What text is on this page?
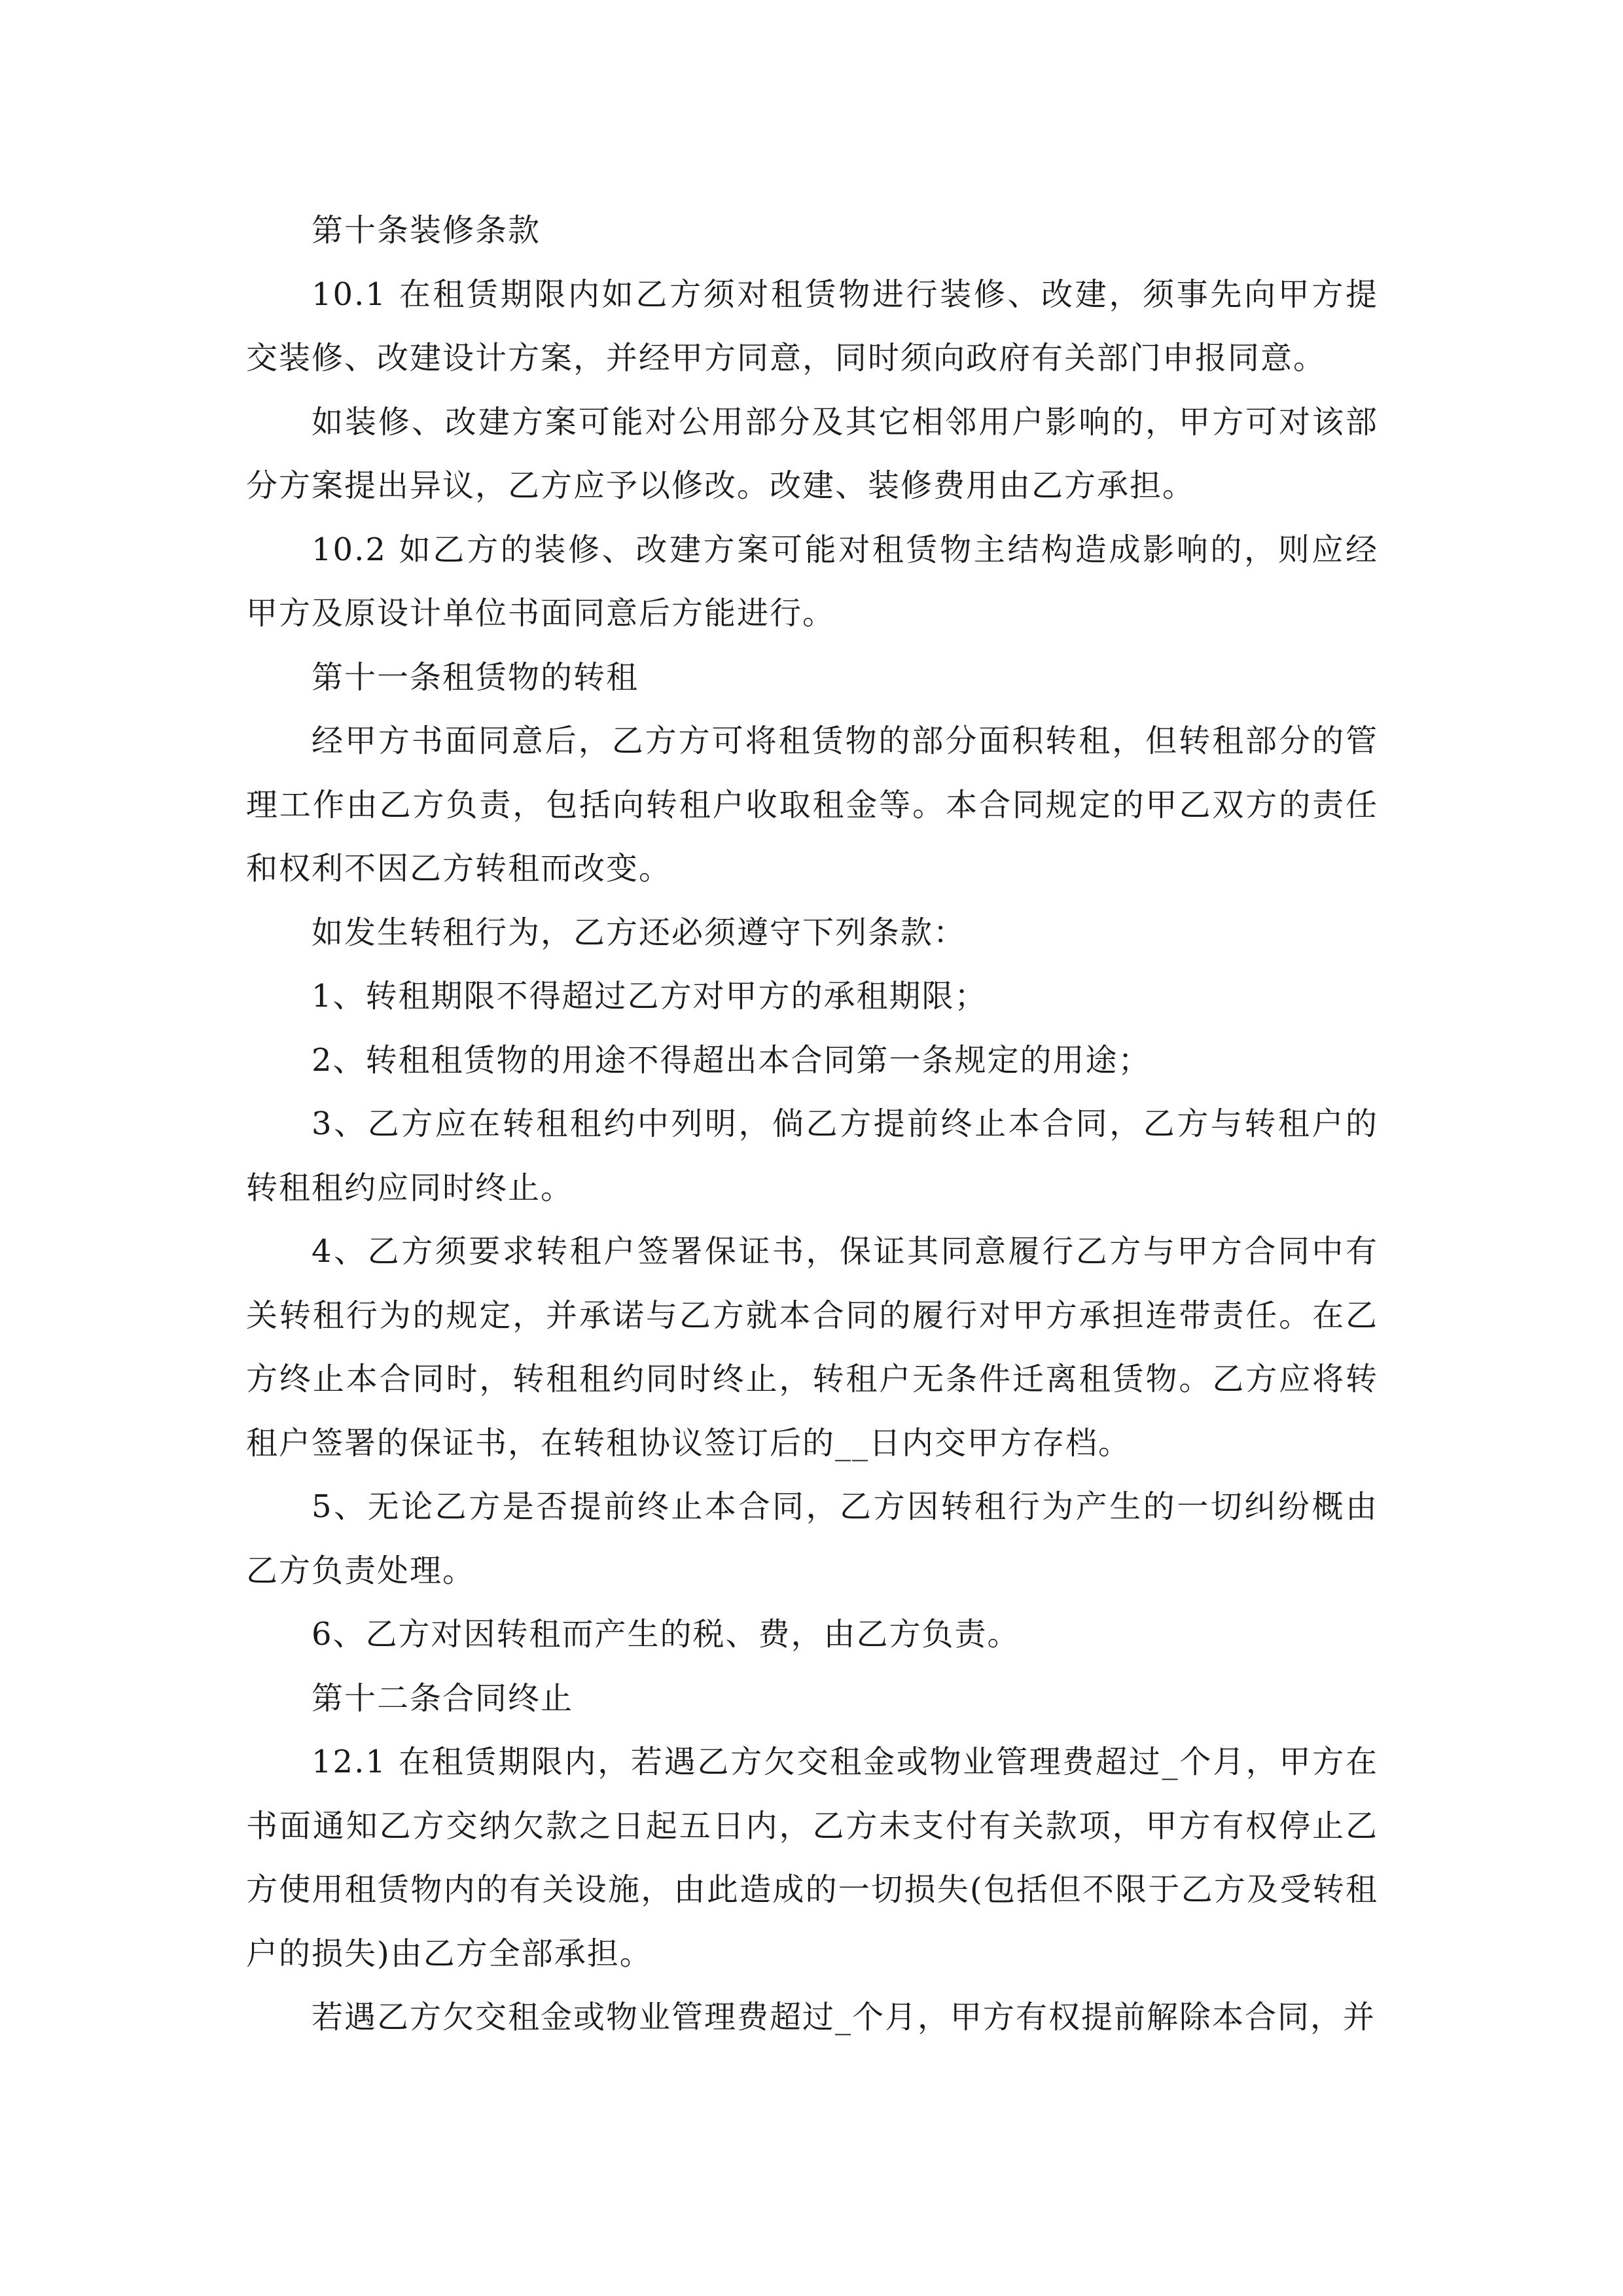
第十条装修条款

10.1 在租赁期限内如乙方须对租赁物进行装修、改建，须事先向甲方提交装修、改建设计方案，并经甲方同意，同时须向政府有关部门申报同意。

如装修、改建方案可能对公用部分及其它相邻用户影响的，甲方可对该部分方案提出异议，乙方应予以修改。改建、装修费用由乙方承担。

10.2 如乙方的装修、改建方案可能对租赁物主结构造成影响的，则应经甲方及原设计单位书面同意后方能进行。

第十一条租赁物的转租

经甲方书面同意后，乙方方可将租赁物的部分面积转租，但转租部分的管理工作由乙方负责，包括向转租户收取租金等。本合同规定的甲乙双方的责任和权利不因乙方转租而改变。

如发生转租行为，乙方还必须遵守下列条款：

1、转租期限不得超过乙方对甲方的承租期限；

2、转租租赁物的用途不得超出本合同第一条规定的用途；

3、乙方应在转租租约中列明，倘乙方提前终止本合同，乙方与转租户的转租租约应同时终止。

4、乙方须要求转租户签署保证书，保证其同意履行乙方与甲方合同中有关转租行为的规定，并承诺与乙方就本合同的履行对甲方承担连带责任。在乙方终止本合同时，转租租约同时终止，转租户无条件迁离租赁物。乙方应将转租户签署的保证书，在转租协议签订后的__日内交甲方存档。

5、无论乙方是否提前终止本合同，乙方因转租行为产生的一切纠纷概由乙方负责处理。

6、乙方对因转租而产生的税、费，由乙方负责。

第十二条合同终止

12.1 在租赁期限内，若遇乙方欠交租金或物业管理费超过_个月，甲方在书面通知乙方交纳欠款之日起五日内，乙方未支付有关款项，甲方有权停止乙方使用租赁物内的有关设施，由此造成的一切损失(包括但不限于乙方及受转租户的损失)由乙方全部承担。

若遇乙方欠交租金或物业管理费超过_个月，甲方有权提前解除本合同，并
